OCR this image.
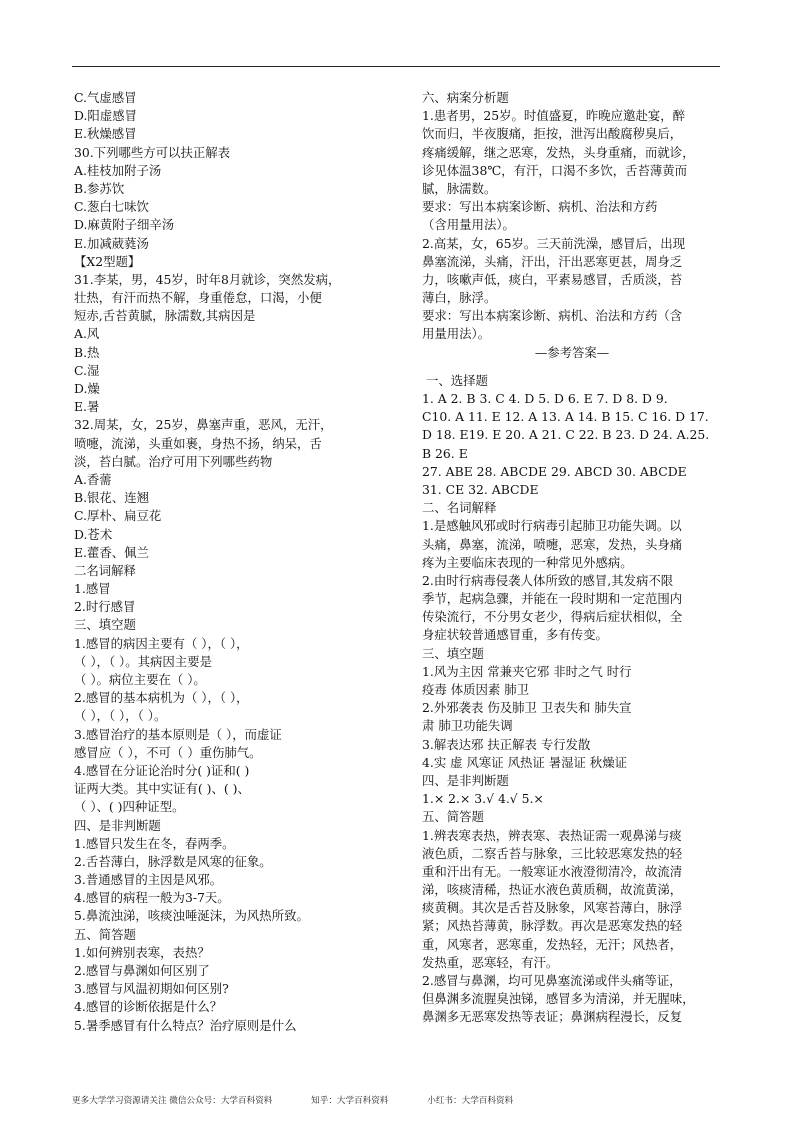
C.气虚感冒
D.阳虚感冒
E.秋燥感冒
30.下列哪些方可以扶正解表
A.桂枝加附子汤
B.参苏饮
C.葱白七味饮
D.麻黄附子细辛汤
E.加减葳蕤汤
【X2型题】
31.李某，男，45岁，时年8月就诊，突然发病，
壮热，有汗而热不解，身重倦怠，口渴，小便
短赤,舌苔黄腻，脉濡数,其病因是
A.风
B.热
C.湿
D.燥
E.暑
32.周某，女，25岁，鼻塞声重，恶风，无汗，
喷嚏，流涕，头重如裹，身热不扬，纳呆，舌
淡，苔白腻。治疗可用下列哪些药物
A.香薷
B.银花、连翘
C.厚朴、扁豆花
D.苍术
E.藿香、佩兰
二名词解释
1.感冒
2.时行感冒
三、填空题
1.感冒的病因主要有（ ），（ ），
（ ），（ ）。其病因主要是
（ ）。病位主要在（ ）。
2.感冒的基本病机为（ ），（ ），
（ ），（ ），（ ）。
3.感冒治疗的基本原则是（ ），而虚证
感冒应（ ），不可（ ）重伤肺气。
4.感冒在分证论治时分( )证和( )
证两大类。其中实证有( )、( )、
（ ）、( )四种证型。
四、是非判断题
1.感冒只发生在冬，春两季。
2.舌苔薄白，脉浮数是风寒的征象。
3.普通感冒的主因是风邪。
4.感冒的病程一般为3-7天。
5.鼻流浊涕，咳痰浊唾涎沫，为风热所致。
五、简答题
1.如何辨别表寒，表热？
2.感冒与鼻渊如何区别了
3.感冒与风温初期如何区别?
4.感冒的诊断依据是什么？
5.暑季感冒有什么特点？治疗原则是什么
六、病案分析题
1.患者男，25岁。时值盛夏，昨晚应邀赴宴，醉
饮而归，半夜腹痛，拒按，泄泻出酸腐秽臭后，
疼痛缓解，继之恶寒，发热，头身重痛，而就诊，
诊见体温38℃，有汗，口渴不多饮，舌苔薄黄而
腻，脉濡数。
要求：写出本病案诊断、病机、治法和方药
（含用量用法）。
2.高某，女，65岁。三天前洗澡，感冒后，出现
鼻塞流涕，头痛，汗出，汗出恶寒更甚，周身乏
力，咳嗽声低，痰白，平素易感冒，舌质淡，苔
薄白，脉浮。
要求：写出本病案诊断、病机、治法和方药（含
用量用法）。
—参考答案—
一、选择题
1. A 2. B 3. C 4. D 5. D 6. E 7. D 8. D 9.
C10. A 11. E 12. A 13. A 14. B 15. C 16. D 17.
D 18. E19. E 20. A 21. C 22. B 23. D 24. A.25.
B 26. E
27. ABE 28. ABCDE 29. ABCD 30. ABCDE
31. CE 32. ABCDE
二、名词解释
1.是感触风邪或时行病毒引起肺卫功能失调。以
头痛，鼻塞，流涕，喷嚏，恶寒，发热，头身痛
疼为主要临床表现的一种常见外感病。
2.由时行病毒侵袭人体所致的感冒,其发病不限
季节，起病急骤，并能在一段时期和一定范围内
传染流行，不分男女老少，得病后症状相似，全
身症状较普通感冒重，多有传变。
三、填空题
1.风为主因 常兼夹它邪 非时之气 时行
疫毒 体质因素 肺卫
2.外邪袭表 伤及肺卫 卫表失和 肺失宣
肃 肺卫功能失调
3.解表达邪 扶正解表 专行发散
4.实 虚 风寒证 风热证 暑湿证 秋燥证
四、是非判断题
1.× 2.× 3.√ 4.√ 5.×
五、简答题
1.辨表寒表热，辨表寒、表热证需一观鼻涕与痰
液色质，二察舌苔与脉象，三比较恶寒发热的轻
重和汗出有无。一般寒证水液澄彻清冷，故流清
涕，咳痰清稀，热证水液色黄质稠，故流黄涕，
痰黄稠。其次是舌苔及脉象，风寒苔薄白，脉浮
紧；风热苔薄黄，脉浮数。再次是恶寒发热的轻
重，风寒者，恶寒重，发热轻，无汗；风热者，
发热重，恶寒轻，有汗。
2.感冒与鼻渊，均可见鼻塞流涕或伴头痛等证，
但鼻渊多流腥臭浊锑，感冒多为清涕，并无腥味，
鼻渊多无恶寒发热等表证；鼻渊病程漫长，反复
更多大学学习资源请关注 微信公众号：大学百科资料	知乎：大学百科资料	小红书：大学百科资料
